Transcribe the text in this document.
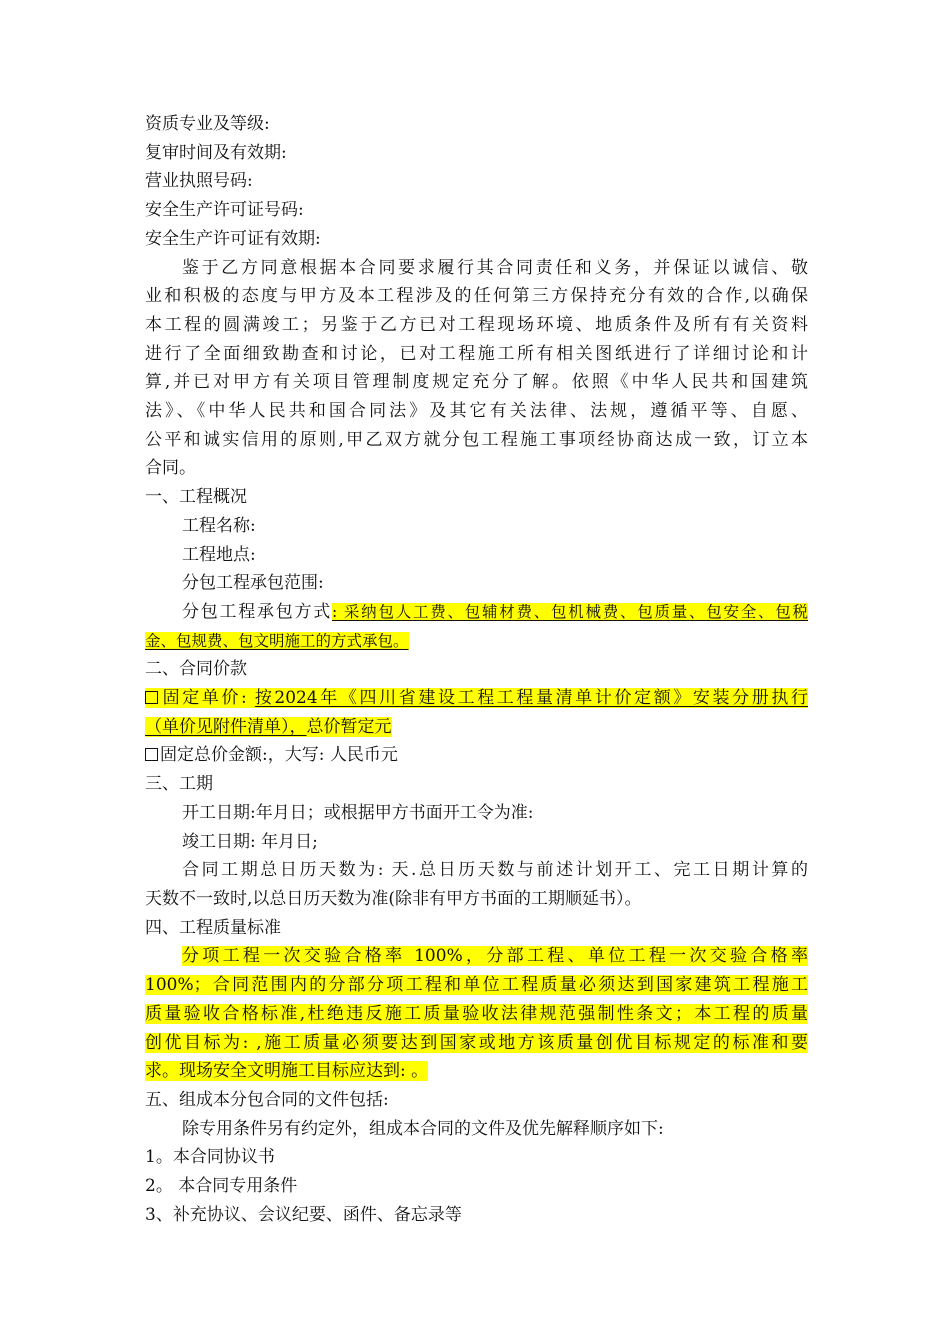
资质专业及等级:
复审时间及有效期:
营业执照号码:
安全生产许可证号码:
安全生产许可证有效期:
鉴于乙方同意根据本合同要求履行其合同责任和义务，并保证以诚信、敬
业和积极的态度与甲方及本工程涉及的任何第三方保持充分有效的合作,以确保
本工程的圆满竣工；另鉴于乙方已对工程现场环境、地质条件及所有有关资料
进行了全面细致勘查和讨论，已对工程施工所有相关图纸进行了详细讨论和计
算,并已对甲方有关项目管理制度规定充分了解。依照《中华人民共和国建筑
法》、《中华人民共和国合同法》及其它有关法律、法规，遵循平等、自愿、
公平和诚实信用的原则,甲乙双方就分包工程施工事项经协商达成一致，订立本
合同。
一、工程概况
工程名称:
工程地点:
分包工程承包范围:
分包工程承包方式: 采纳包人工费、包辅材费、包机械费、包质量、包安全、包税
金、包规费、包文明施工的方式承包。
二、合同价款
固定单价: 按2024年《四川省建设工程工程量清单计价定额》安装分册执行
（单价见附件清单），总价暂定元
固定总价金额:，大写: 人民币元
三、工期
开工日期:年月日；或根据甲方书面开工令为准:
竣工日期: 年月日;
合同工期总日历天数为: 天.总日历天数与前述计划开工、完工日期计算的
天数不一致时,以总日历天数为准(除非有甲方书面的工期顺延书）。
四、工程质量标准
分项工程一次交验合格率 100%，分部工程、单位工程一次交验合格率
100%；合同范围内的分部分项工程和单位工程质量必须达到国家建筑工程施工
质量验收合格标准,杜绝违反施工质量验收法律规范强制性条文；本工程的质量
创优目标为: ,施工质量必须要达到国家或地方该质量创优目标规定的标准和要
求。现场安全文明施工目标应达到: 。
五、组成本分包合同的文件包括:
除专用条件另有约定外，组成本合同的文件及优先解释顺序如下:
1。本合同协议书
2。 本合同专用条件
3、补充协议、会议纪要、函件、备忘录等
